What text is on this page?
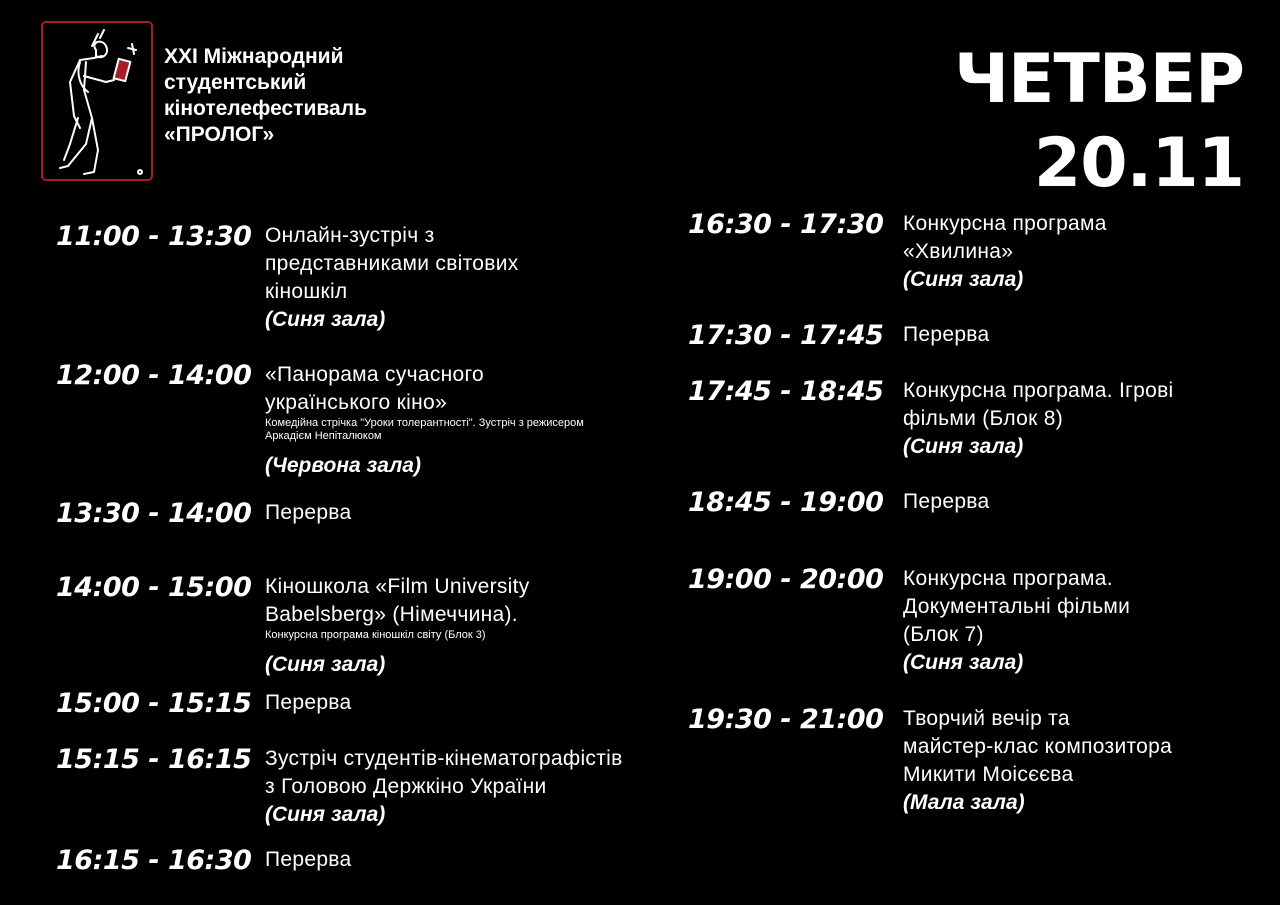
XXI Міжнародний
студентський
кінотелефестиваль
«ПРОЛОГ»
ЧЕТВЕР
20.11
11:00 - 13:30 Онлайн-зустріч з
представниками світових
кіношкіл
(Синя зала)
12:00 - 14:00 «Панорама сучасного
українського кіно»
Комедійна стрічка "Уроки толерантності". Зустріч з режисером
Аркадієм Непіталюком
(Червона зала)
13:30 - 14:00 Перерва
14:00 - 15:00 Кіношкола «Film University
Babelsberg» (Німеччина).
Конкурсна програма кіношкіл світу (Блок 3)
(Синя зала)
15:00 - 15:15 Перерва
15:15 - 16:15 Зустріч студентів-кінематографістів
з Головою Держкіно України
(Синя зала)
16:15 - 16:30 Перерва
16:30 - 17:30 Конкурсна програма
«Хвилина»
(Синя зала)
17:30 - 17:45 Перерва
17:45 - 18:45 Конкурсна програма. Ігрові
фільми (Блок 8)
(Синя зала)
18:45 - 19:00 Перерва
19:00 - 20:00 Конкурсна програма.
Документальні фільми
(Блок 7)
(Синя зала)
19:30 - 21:00 Творчий вечір та
майстер-клас композитора
Микити Моісєєва
(Мала зала)
